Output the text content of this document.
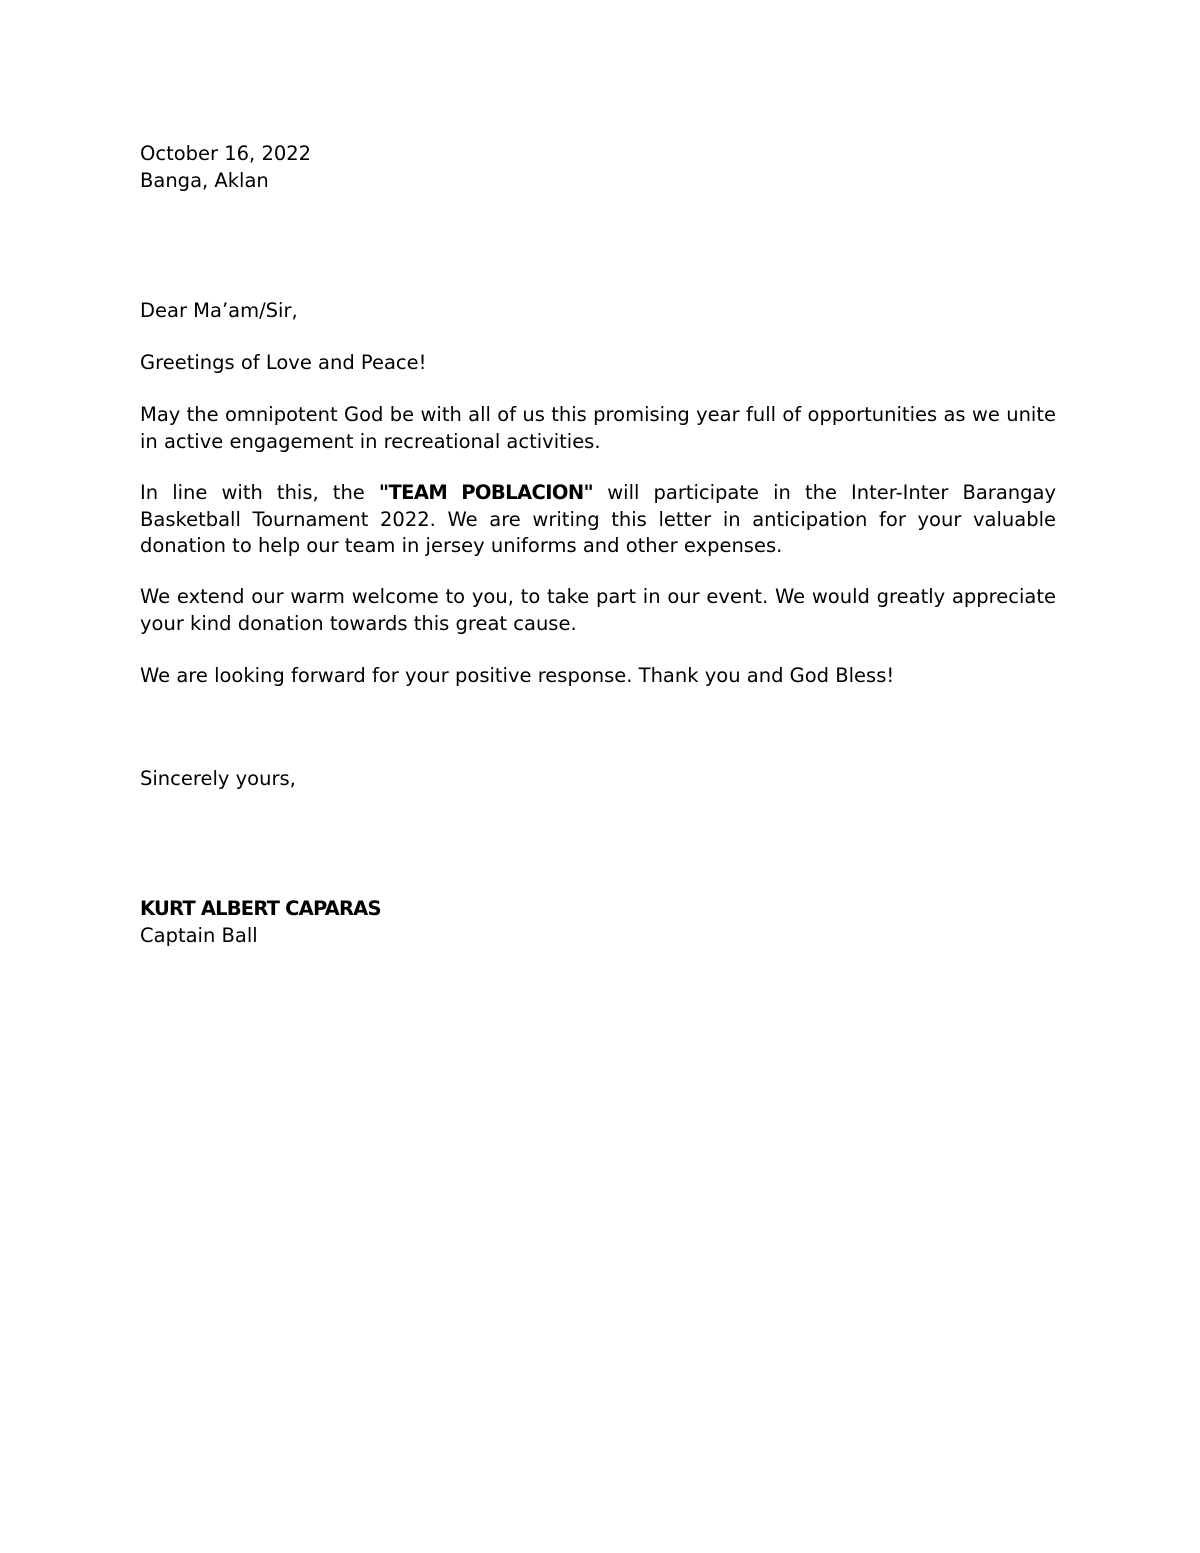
October 16, 2022
Banga, Aklan
Dear Ma’am/Sir,
Greetings of Love and Peace!

May the omnipotent God be with all of us this promising year full of opportunities as we unite in active engagement in recreational activities.

In line with this, the "TEAM POBLACION" will participate in the Inter-Inter Barangay Basketball Tournament 2022. We are writing this letter in anticipation for your valuable donation to help our team in jersey uniforms and other expenses.

We extend our warm welcome to you, to take part in our event. We would greatly appreciate your kind donation towards this great cause.

We are looking forward for your positive response. Thank you and God Bless!
Sincerely yours,
KURT ALBERT CAPARAS
Captain Ball
